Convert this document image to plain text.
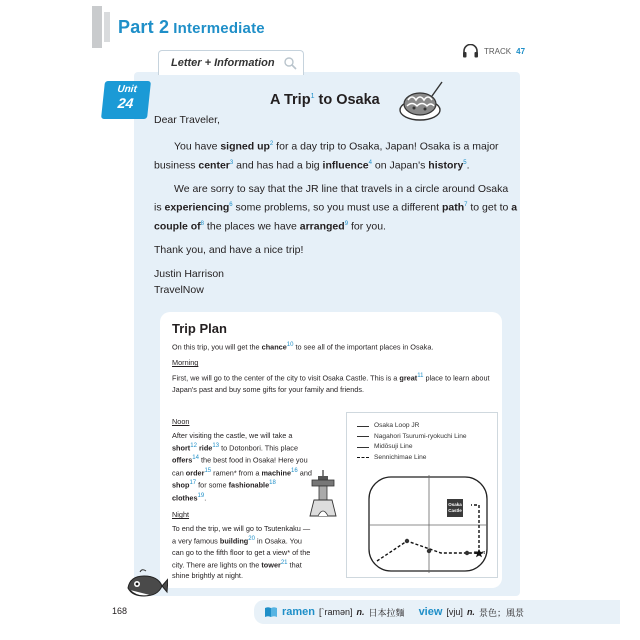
Part 2 Intermediate
TRACK 47
Letter + Information
Unit
24	A Trip$^1$ to Osaka

Dear Traveler,

You have signed $up^2$ for a day trip to Osaka, Japan! Osaka is a major business center$^3$ and has had a big influence$^4$ on Japan's history$^5$.

We are sorry to say that the JR line that travels in a circle around Osaka is experiencing$^6$ some problems, so you must use a different path$^7$ to get to a couple $of^8$ the places we have arranged$^9$ for you.

Thank you, and have a nice trip!

Justin Harrison

TravelNow

Trip Plan

On this trip, you will get the chance$^{10}$ to see all of the important places in Osaka.

Morning

First, we will go to the center of the city to visit Osaka Castle. This is a great$^{11}$ place to learn about Japan's past and buy some gifts for your family and friends.

Noon

After visiting the castle, we will take a short$^{12}$ ride$^{13}$ to Dotonbori. This place offers$^{14}$ the best food in Osaka! Here you can order$^{15}$ ramen* from a machine$^{16}$ and shop$^{17}$ for some fashionable$^{18}$ clothes$^{19}$.

Night

To end the trip, we will go to Tsutenkaku — a very famous building$^{20}$ in Osaka. You can go to the fifth floor to get a view* of the city. There are lights on the tower$^{21}$ that shine brightly at night.

Osaka Loop JR
Nagahori Tsurumi-ryokuchi Line
Midōsuji Line
Sennichimae Line
Osaka Castle
Start
168	ramen [ˋramən] n. 日本拉麵 view [vju] n. 景色；風景
